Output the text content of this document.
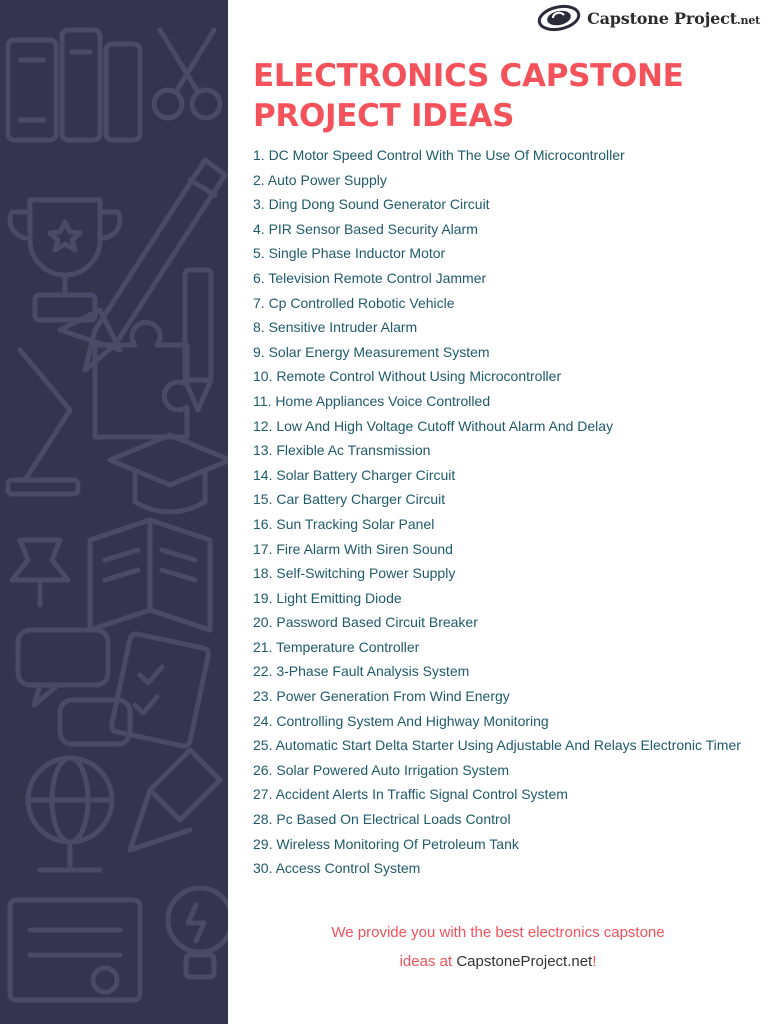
Capstone Project.net
ELECTRONICS CAPSTONE
PROJECT IDEAS
1. DC Motor Speed Control With The Use Of Microcontroller
2. Auto Power Supply
3. Ding Dong Sound Generator Circuit
4. PIR Sensor Based Security Alarm
5. Single Phase Inductor Motor
6. Television Remote Control Jammer
7. Cp Controlled Robotic Vehicle
8. Sensitive Intruder Alarm
9. Solar Energy Measurement System
10. Remote Control Without Using Microcontroller
11. Home Appliances Voice Controlled
12. Low And High Voltage Cutoff Without Alarm And Delay
13. Flexible Ac Transmission
14. Solar Battery Charger Circuit
15. Car Battery Charger Circuit
16. Sun Tracking Solar Panel
17. Fire Alarm With Siren Sound
18. Self-Switching Power Supply
19. Light Emitting Diode
20. Password Based Circuit Breaker
21. Temperature Controller
22. 3-Phase Fault Analysis System
23. Power Generation From Wind Energy
24. Controlling System And Highway Monitoring
25. Automatic Start Delta Starter Using Adjustable And Relays Electronic Timer
26. Solar Powered Auto Irrigation System
27. Accident Alerts In Traffic Signal Control System
28. Pc Based On Electrical Loads Control
29. Wireless Monitoring Of Petroleum Tank
30. Access Control System
We provide you with the best electronics capstone
ideas at CapstoneProject.net!
